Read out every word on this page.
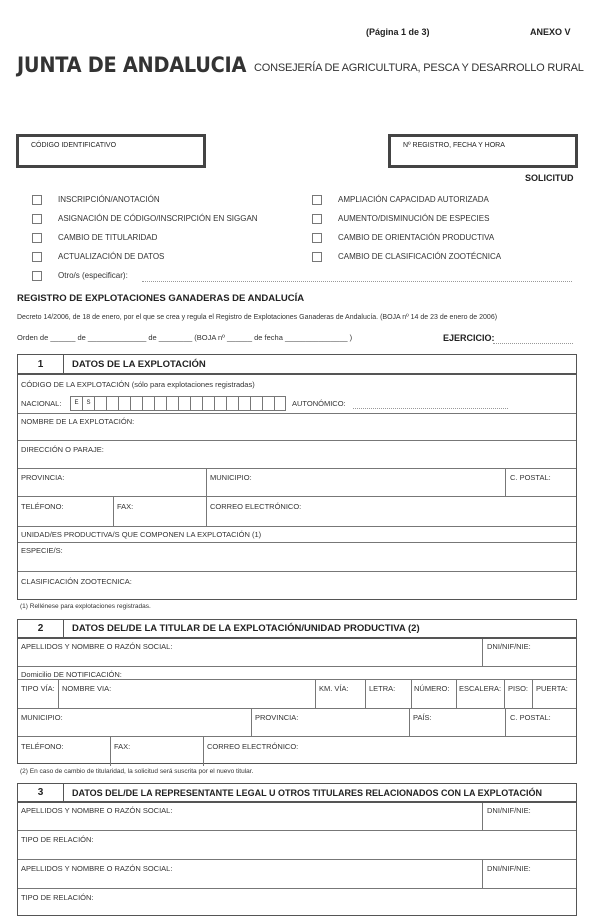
(Página 1 de 3)	ANEXO V
JUNTA DE ANDALUCIA CONSEJERÍA DE AGRICULTURA, PESCA Y DESARROLLO RURAL
CÓDIGO IDENTIFICATIVO	Nº REGISTRO, FECHA Y HORA
SOLICITUD
INSCRIPCIÓN/ANOTACIÓN
ASIGNACIÓN DE CÓDIGO/INSCRIPCIÓN EN SIGGAN
CAMBIO DE TITULARIDAD
ACTUALIZACIÓN DE DATOS
Otro/s (especificar):
AMPLIACIÓN CAPACIDAD AUTORIZADA
AUMENTO/DISMINUCIÓN DE ESPECIES
CAMBIO DE ORIENTACIÓN PRODUCTIVA
CAMBIO DE CLASIFICACIÓN ZOOTÉCNICA
REGISTRO DE EXPLOTACIONES GANADERAS DE ANDALUCÍA
Decreto 14/2006, de 18 de enero, por el que se crea y regula el Registro de Explotaciones Ganaderas de Andalucía. (BOJA nº 14 de 23 de enero de 2006)
Orden de ______ de ______________ de ________ (BOJA nº ______ de fecha _______________ )	EJERCICIO:
1	DATOS DE LA EXPLOTACIÓN
CÓDIGO DE LA EXPLOTACIÓN (sólo para explotaciones registradas)
NACIONAL:	E S	AUTONÓMICO:
NOMBRE DE LA EXPLOTACIÓN:
DIRECCIÓN O PARAJE:
PROVINCIA:	MUNICIPIO:	C. POSTAL:
TELÉFONO:	FAX:	CORREO ELECTRÓNICO:
UNIDAD/ES PRODUCTIVA/S QUE COMPONEN LA EXPLOTACIÓN (1)
ESPECIE/S:
CLASIFICACIÓN ZOOTECNICA:
(1) Rellénese para explotaciones registradas.
2	DATOS DEL/DE LA TITULAR DE LA EXPLOTACIÓN/UNIDAD PRODUCTIVA (2)
APELLIDOS Y NOMBRE O RAZÓN SOCIAL:	DNI/NIF/NIE:
Domicilio DE NOTIFICACIÓN:
TIPO VÍA: NOMBRE VIA:	KM. VÍA:	LETRA: NÚMERO: ESCALERA: PISO: PUERTA:
MUNICIPIO:	PROVINCIA:	PAÍS:	C. POSTAL:
TELÉFONO:	FAX:	CORREO ELECTRÓNICO:
(2) En caso de cambio de titularidad, la solicitud será suscrita por el nuevo titular.
3	DATOS DEL/DE LA REPRESENTANTE LEGAL U OTROS TITULARES RELACIONADOS CON LA EXPLOTACIÓN
APELLIDOS Y NOMBRE O RAZÓN SOCIAL:	DNI/NIF/NIE:
TIPO DE RELACIÓN:
APELLIDOS Y NOMBRE O RAZÓN SOCIAL:	DNI/NIF/NIE:
TIPO DE RELACIÓN:
